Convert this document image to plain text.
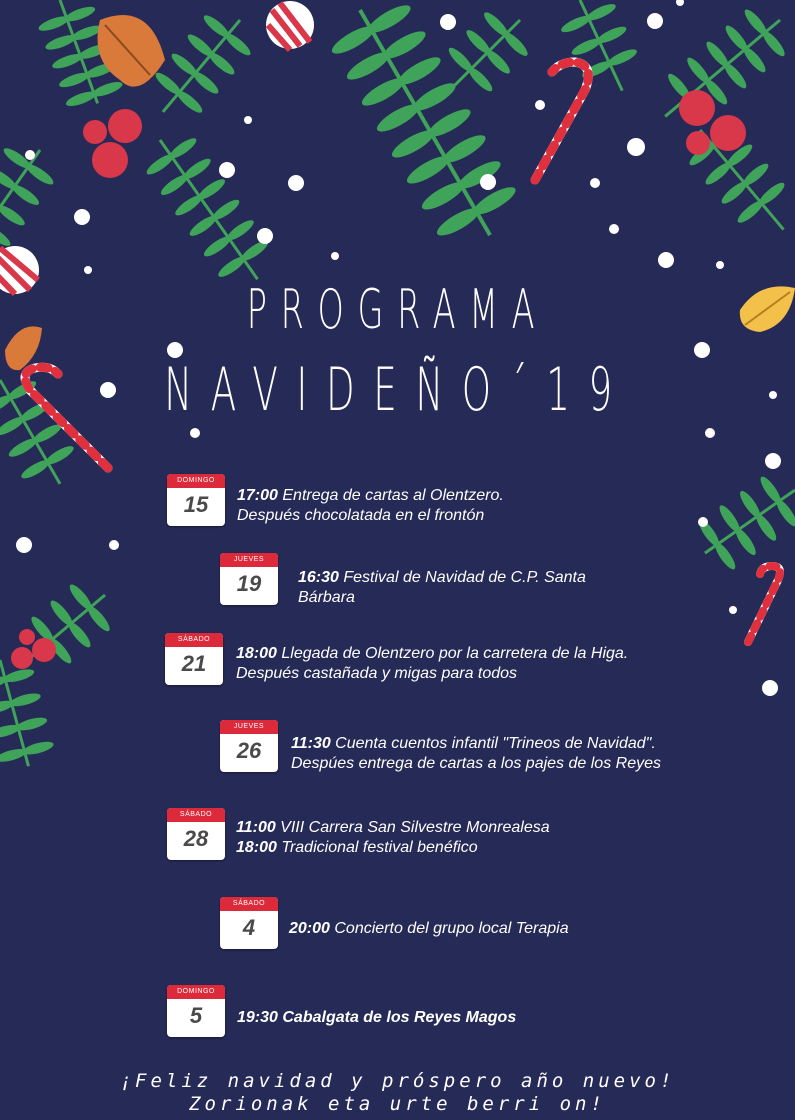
PROGRAMA
NAVIDEÑO´19
DOMINGO
15	17:00 Entrega de cartas al Olentzero.
Después chocolatada en el frontón
JUEVES
19	16:30 Festival de Navidad de C.P. Santa
Bárbara
SÁBADO
21	18:00 Llegada de Olentzero por la carretera de la Higa.
Después castañada y migas para todos
JUEVES
26	11:30 Cuenta cuentos infantil "Trineos de Navidad".
Despúes entrega de cartas a los pajes de los Reyes
SÁBADO
28	11:00 VIII Carrera San Silvestre Monrealesa
18:00 Tradicional festival benéfico
SÁBADO
4	20:00 Concierto del grupo local Terapia
DOMINGO
5	19:30 Cabalgata de los Reyes Magos
¡Feliz navidad y próspero año nuevo!
Zorionak eta urte berri on!
